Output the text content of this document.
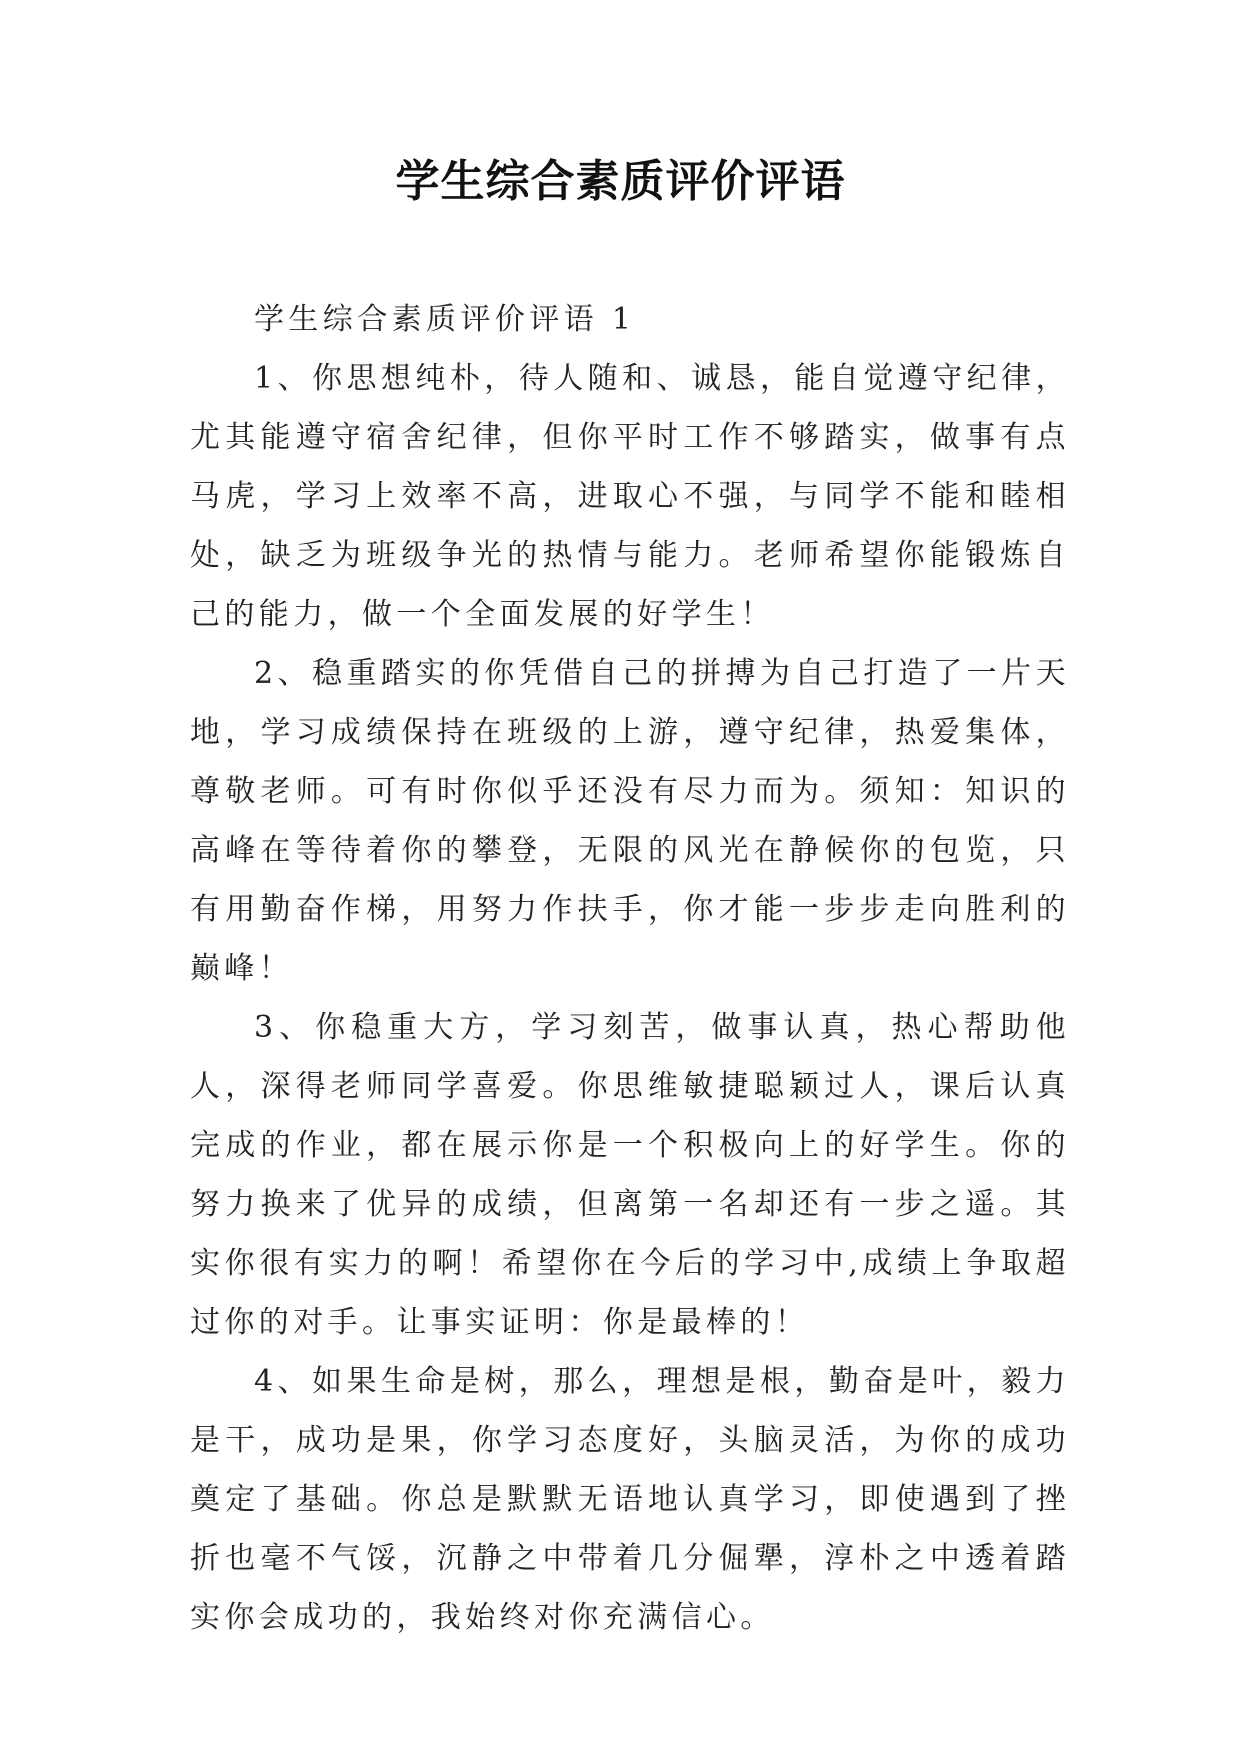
学生综合素质评价评语

学生综合素质评价评语 1

1、你思想纯朴，待人随和、诚恳，能自觉遵守纪律，尤其能遵守宿舍纪律，但你平时工作不够踏实，做事有点马虎，学习上效率不高，进取心不强，与同学不能和睦相处，缺乏为班级争光的热情与能力。老师希望你能锻炼自己的能力，做一个全面发展的好学生！

2、稳重踏实的你凭借自己的拼搏为自己打造了一片天地，学习成绩保持在班级的上游，遵守纪律，热爱集体，尊敬老师。可有时你似乎还没有尽力而为。须知：知识的高峰在等待着你的攀登，无限的风光在静候你的包览，只有用勤奋作梯，用努力作扶手，你才能一步步走向胜利的巅峰！

3、你稳重大方，学习刻苦，做事认真，热心帮助他人，深得老师同学喜爱。你思维敏捷聪颖过人，课后认真完成的作业，都在展示你是一个积极向上的好学生。你的努力换来了优异的成绩，但离第一名却还有一步之遥。其实你很有实力的啊！希望你在今后的学习中,成绩上争取超过你的对手。让事实证明：你是最棒的！

4、如果生命是树，那么，理想是根，勤奋是叶，毅力是干，成功是果，你学习态度好，头脑灵活，为你的成功奠定了基础。你总是默默无语地认真学习，即使遇到了挫折也毫不气馁，沉静之中带着几分倔犟，淳朴之中透着踏实你会成功的，我始终对你充满信心。
